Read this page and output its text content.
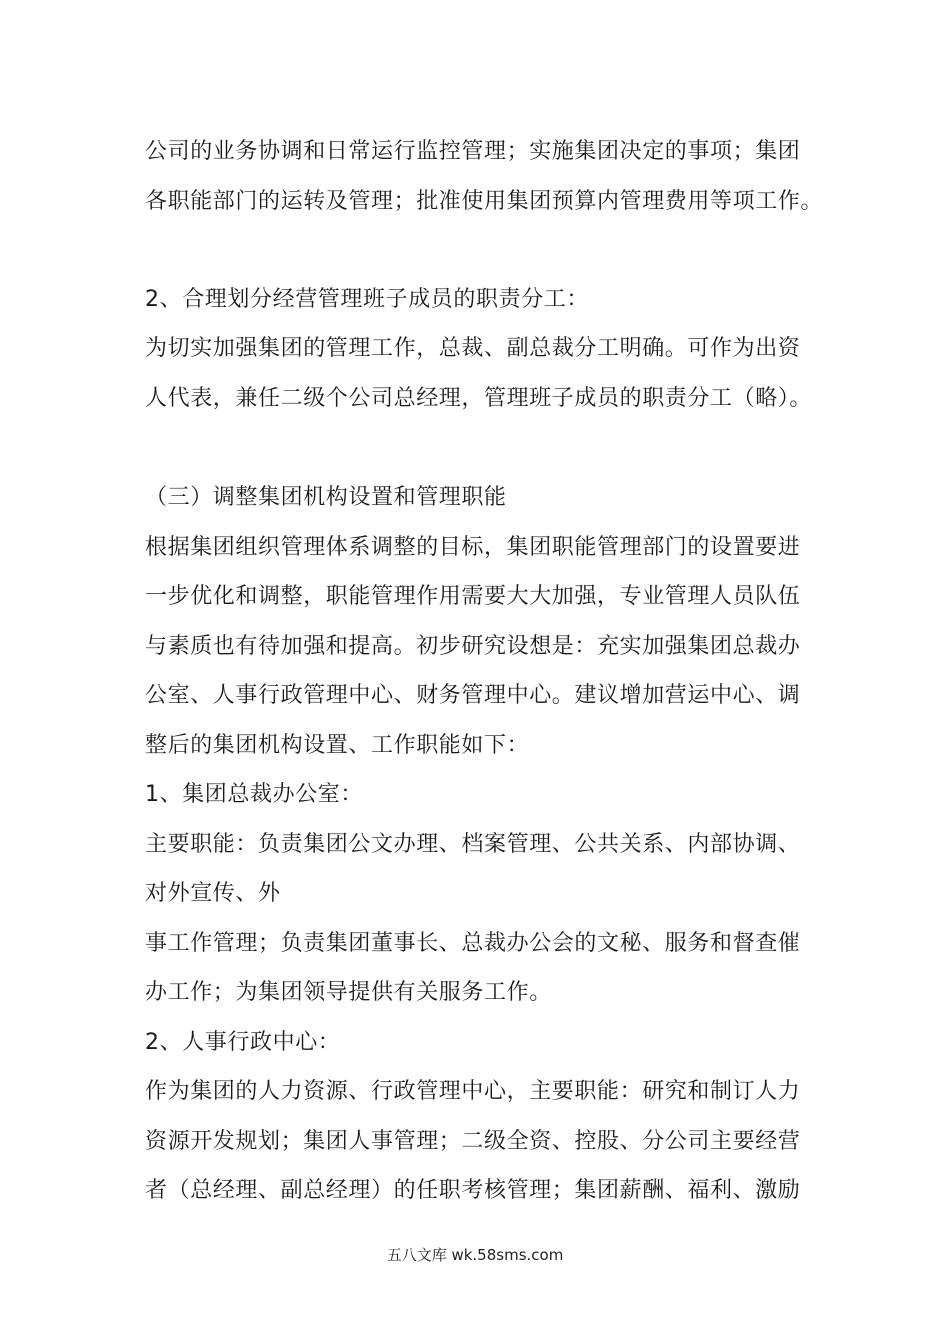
公司的业务协调和日常运行监控管理；实施集团决定的事项；集团
各职能部门的运转及管理；批准使用集团预算内管理费用等项工作。
2、合理划分经营管理班子成员的职责分工：
为切实加强集团的管理工作，总裁、副总裁分工明确。可作为出资
人代表，兼任二级个公司总经理，管理班子成员的职责分工（略）。
（三）调整集团机构设置和管理职能
根据集团组织管理体系调整的目标，集团职能管理部门的设置要进
一步优化和调整，职能管理作用需要大大加强，专业管理人员队伍
与素质也有待加强和提高。初步研究设想是：充实加强集团总裁办
公室、人事行政管理中心、财务管理中心。建议增加营运中心、调
整后的集团机构设置、工作职能如下：
1、集团总裁办公室：
主要职能：负责集团公文办理、档案管理、公共关系、内部协调、
对外宣传、外
事工作管理；负责集团董事长、总裁办公会的文秘、服务和督查催
办工作；为集团领导提供有关服务工作。
2、人事行政中心：
作为集团的人力资源、行政管理中心，主要职能：研究和制订人力
资源开发规划；集团人事管理；二级全资、控股、分公司主要经营
者（总经理、副总经理）的任职考核管理；集团薪酬、福利、激励
五八文库 wk.58sms.com
